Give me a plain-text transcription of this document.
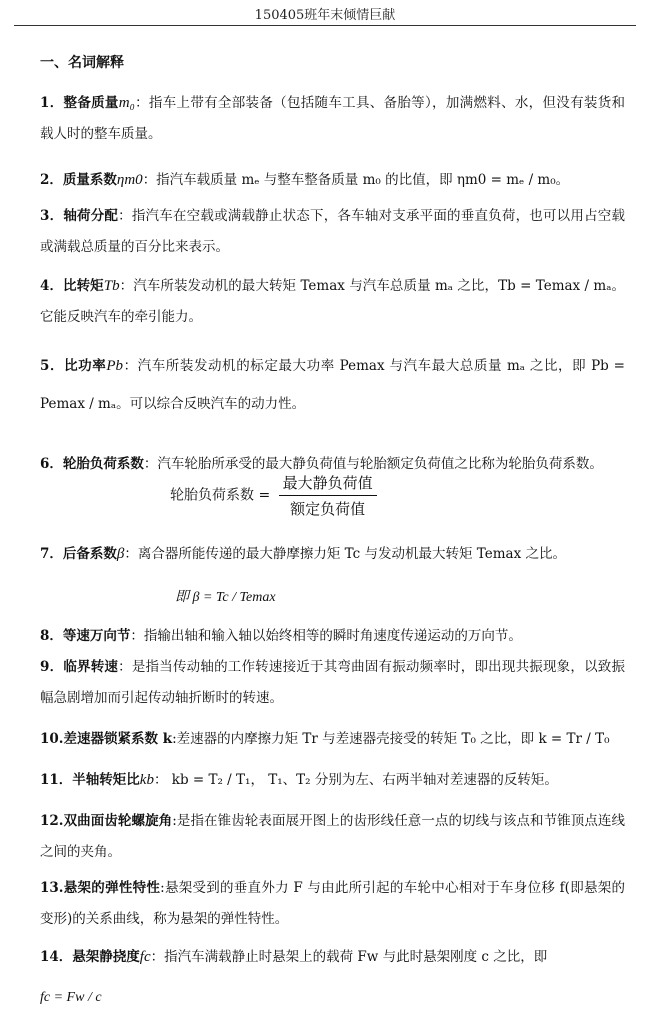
150405班年末倾情巨献
一、名词解释
1．整备质量m₀：指车上带有全部装备（包括随车工具、备胎等），加满燃料、水，但没有装货和载人时的整车质量。
2．质量系数ηm0：指汽车载质量 mₑ 与整车整备质量 m₀ 的比值，即 ηm0 = mₑ / m₀。
3．轴荷分配：指汽车在空载或满载静止状态下，各车轴对支承平面的垂直负荷，也可以用占空载或满载总质量的百分比来表示。
4．比转矩Tb：汽车所装发动机的最大转矩 Temax 与汽车总质量 mₐ 之比，Tb = Temax / mₐ。它能反映汽车的牵引能力。
5．比功率Pb：汽车所装发动机的标定最大功率 Pemax 与汽车最大总质量 mₐ 之比，即 Pb = Pemax / mₐ。可以综合反映汽车的动力性。
6．轮胎负荷系数：汽车轮胎所承受的最大静负荷值与轮胎额定负荷值之比称为轮胎负荷系数。
轮胎负荷系数 = $\frac{\text{最大静负荷值}}{\text{额定负荷值}}$
7．后备系数β：离合器所能传递的最大静摩擦力矩 Tc 与发动机最大转矩 Temax 之比。
即 β = Tc / Temax
8．等速万向节：指输出轴和输入轴以始终相等的瞬时角速度传递运动的万向节。
9．临界转速：是指当传动轴的工作转速接近于其弯曲固有振动频率时，即出现共振现象，以致振幅急剧增加而引起传动轴折断时的转速。
10.差速器锁紧系数 k:差速器的内摩擦力矩 Tr 与差速器壳接受的转矩 T₀ 之比，即 k = Tr / T₀
11．半轴转矩比kb： kb = T₂ / T₁， T₁、T₂ 分别为左、右两半轴对差速器的反转矩。
12.双曲面齿轮螺旋角:是指在锥齿轮表面展开图上的齿形线任意一点的切线与该点和节锥顶点连线之间的夹角。
13.悬架的弹性特性:悬架受到的垂直外力 F 与由此所引起的车轮中心相对于车身位移 f(即悬架的变形)的关系曲线，称为悬架的弹性特性。
14．悬架静挠度fc：指汽车满载静止时悬架上的载荷 Fw 与此时悬架刚度 c 之比，即
fc = Fw / c
